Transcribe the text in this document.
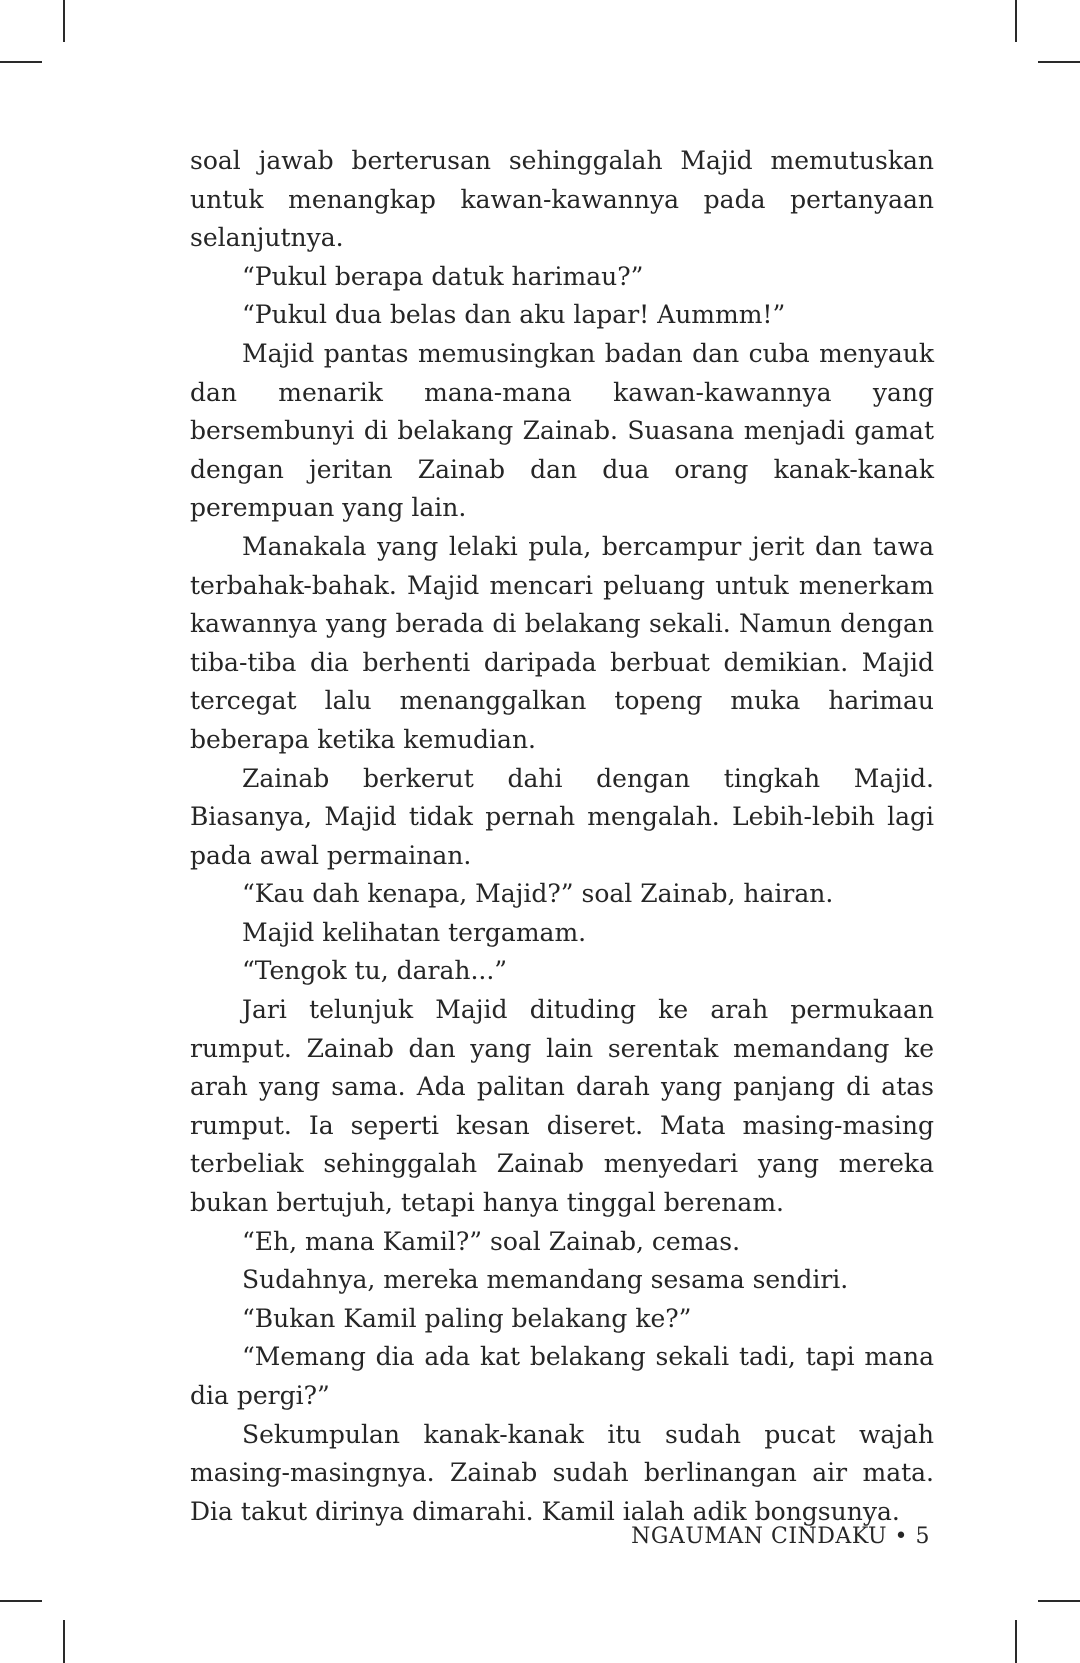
soal jawab berterusan sehinggalah Majid memutuskan untuk menangkap kawan-kawannya pada pertanyaan selanjutnya.

“Pukul berapa datuk harimau?”

“Pukul dua belas dan aku lapar! Aummm!”

Majid pantas memusingkan badan dan cuba menyauk dan menarik mana-mana kawan-kawannya yang bersembunyi di belakang Zainab. Suasana menjadi gamat dengan jeritan Zainab dan dua orang kanak-kanak perempuan yang lain.

Manakala yang lelaki pula, bercampur jerit dan tawa terbahak-bahak. Majid mencari peluang untuk menerkam kawannya yang berada di belakang sekali. Namun dengan tiba-tiba dia berhenti daripada berbuat demikian. Majid tercegat lalu menanggalkan topeng muka harimau beberapa ketika kemudian.

Zainab berkerut dahi dengan tingkah Majid. Biasanya, Majid tidak pernah mengalah. Lebih-lebih lagi pada awal permainan.

“Kau dah kenapa, Majid?” soal Zainab, hairan.

Majid kelihatan tergamam.

“Tengok tu, darah...”

Jari telunjuk Majid dituding ke arah permukaan rumput. Zainab dan yang lain serentak memandang ke arah yang sama. Ada palitan darah yang panjang di atas rumput. Ia seperti kesan diseret. Mata masing-masing terbeliak sehinggalah Zainab menyedari yang mereka bukan bertujuh, tetapi hanya tinggal berenam.

“Eh, mana Kamil?” soal Zainab, cemas.

Sudahnya, mereka memandang sesama sendiri.

“Bukan Kamil paling belakang ke?”

“Memang dia ada kat belakang sekali tadi, tapi mana dia pergi?”

Sekumpulan kanak-kanak itu sudah pucat wajah masing-masingnya. Zainab sudah berlinangan air mata. Dia takut dirinya dimarahi. Kamil ialah adik bongsunya.

NGAUMAN CINDAKU • 5
